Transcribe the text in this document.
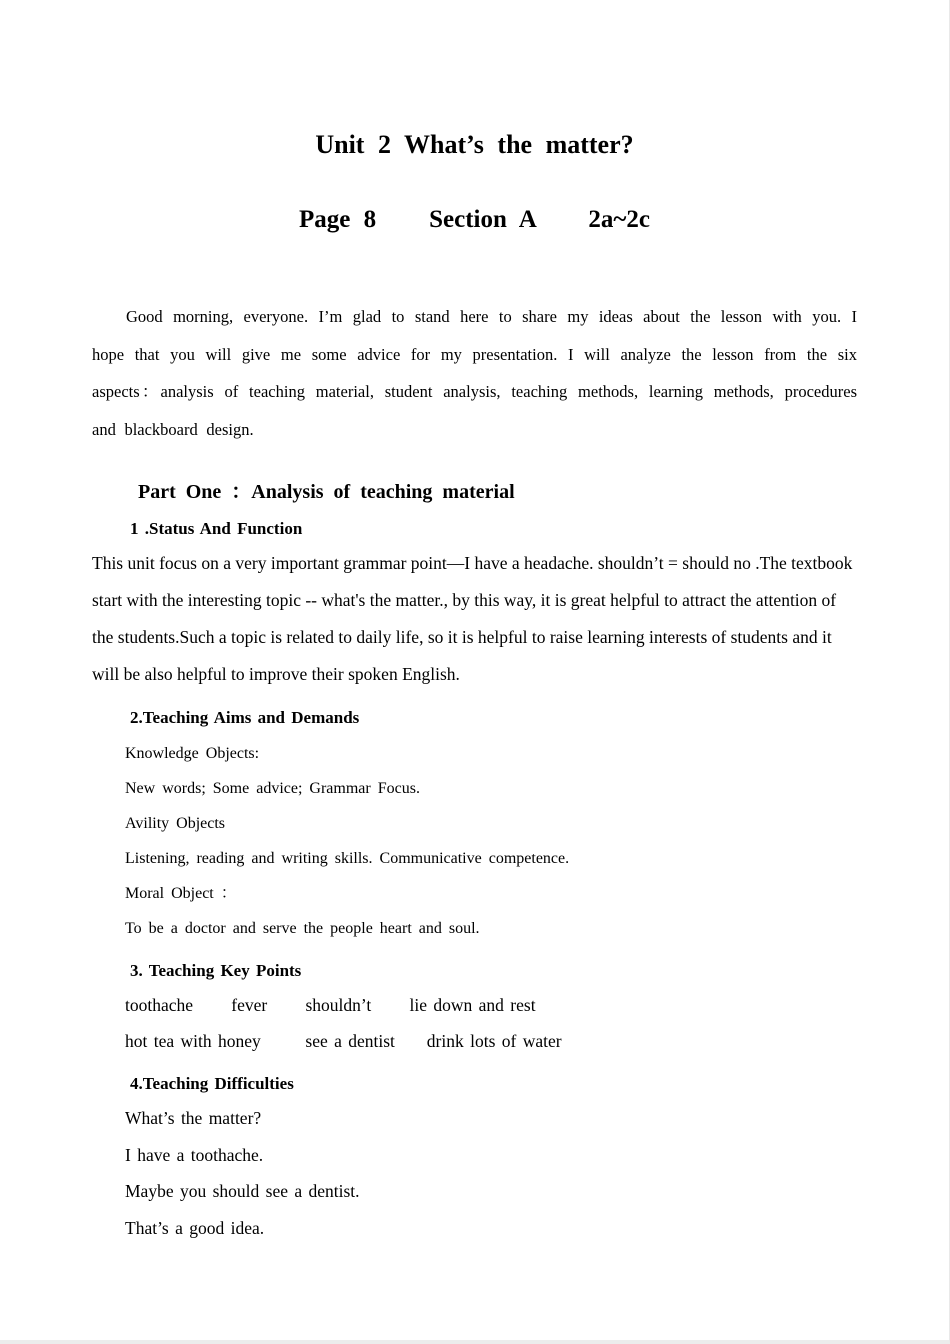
Unit 2 What’s the matter?
Page 8    Section A    2a~2c

Good morning, everyone. I’m glad to stand here to share my ideas about the lesson with you. I hope that you will give me some advice for my presentation. I will analyze the lesson from the six aspects：analysis of teaching material, student analysis, teaching methods, learning methods, procedures and blackboard design.

Part One ：Analysis of teaching material
1 .Status And Function

This unit focus on a very important grammar point—I have a headache. shouldn’t = should no .The textbook start with the interesting topic -- what's the matter., by this way, it is great helpful to attract the attention of the students.Such a topic is related to daily life, so it is helpful to raise learning interests of students and it will be also helpful to improve their spoken English.

2.Teaching Aims and Demands
Knowledge Objects:
New words; Some advice; Grammar Focus.
Avility Objects
Listening, reading and writing skills. Communicative competence.
Moral Object ：
To be a doctor and serve the people heart and soul.
3. Teaching Key Points
toothache      fever      shouldn’t      lie down and rest
hot tea with honey       see a dentist     drink lots of water
4.Teaching Difficulties
What’s the matter?
I have a toothache.
Maybe you should see a dentist.
That’s a good idea.
